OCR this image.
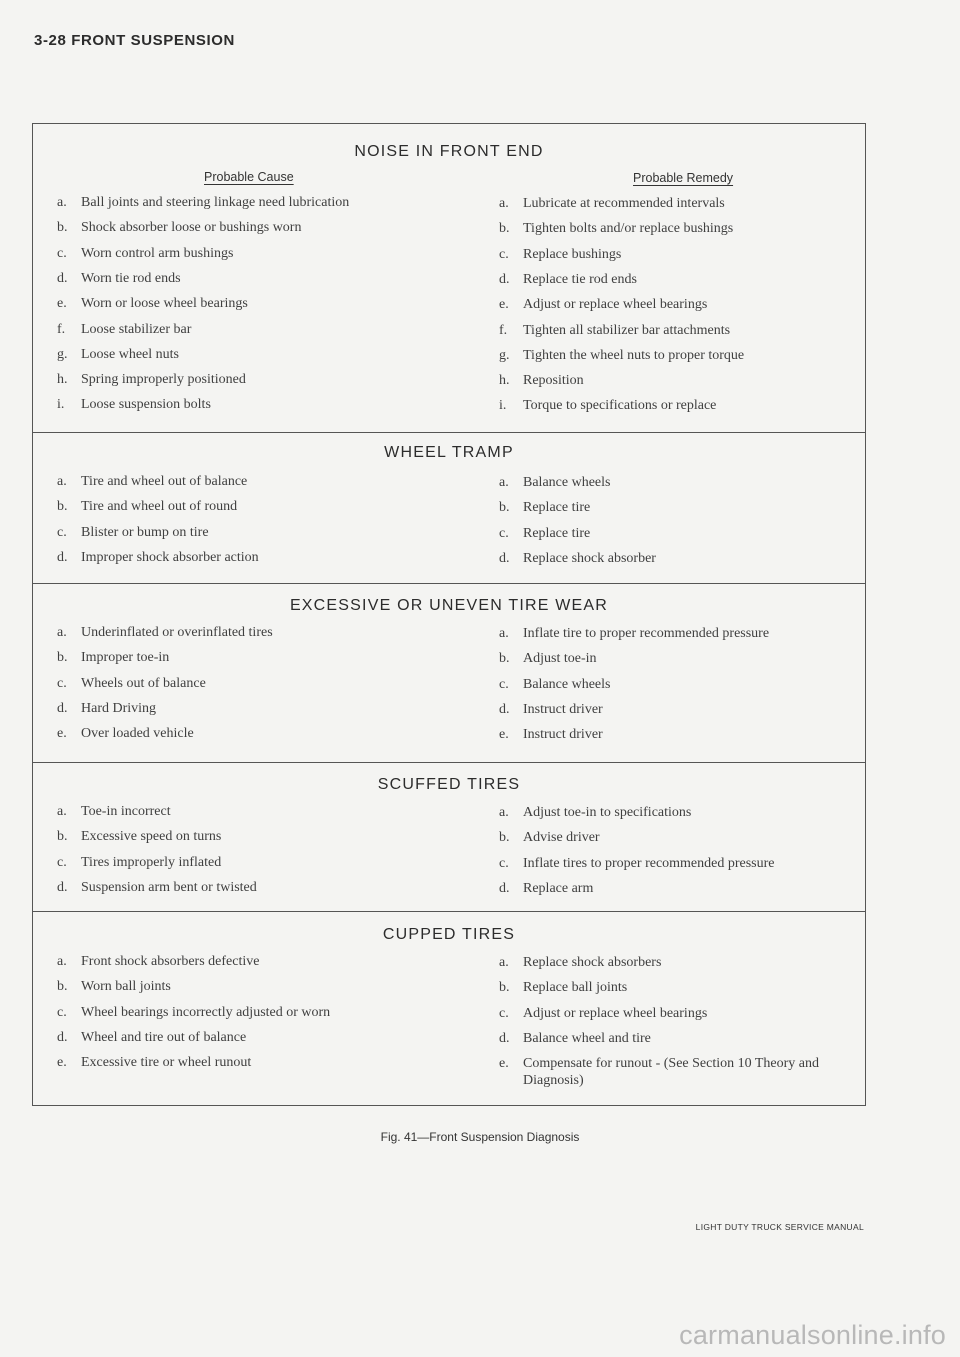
3-28 FRONT SUSPENSION
Probable Cause	Probable Remedy
NOISE IN FRONT END
a. Ball joints and steering linkage need lubrication
b. Shock absorber loose or bushings worn
c. Worn control arm bushings
d. Worn tie rod ends
e. Worn or loose wheel bearings
f. Loose stabilizer bar
g. Loose wheel nuts
h. Spring improperly positioned
i. Loose suspension bolts
a. Lubricate at recommended intervals
b. Tighten bolts and/or replace bushings
c. Replace bushings
d. Replace tie rod ends
e. Adjust or replace wheel bearings
f. Tighten all stabilizer bar attachments
g. Tighten the wheel nuts to proper torque
h. Reposition
i. Torque to specifications or replace
WHEEL TRAMP
a. Tire and wheel out of balance
b. Tire and wheel out of round
c. Blister or bump on tire
d. Improper shock absorber action
a. Balance wheels
b. Replace tire
c. Replace tire
d. Replace shock absorber
EXCESSIVE OR UNEVEN TIRE WEAR
a. Underinflated or overinflated tires
b. Improper toe-in
c. Wheels out of balance
d. Hard Driving
e. Over loaded vehicle
a. Inflate tire to proper recommended pressure
b. Adjust toe-in
c. Balance wheels
d. Instruct driver
e. Instruct driver
SCUFFED TIRES
a. Toe-in incorrect
b. Excessive speed on turns
c. Tires improperly inflated
d. Suspension arm bent or twisted
a. Adjust toe-in to specifications
b. Advise driver
c. Inflate tires to proper recommended pressure
d. Replace arm
CUPPED TIRES
a. Front shock absorbers defective
b. Worn ball joints
c. Wheel bearings incorrectly adjusted or worn
d. Wheel and tire out of balance
e. Excessive tire or wheel runout
a. Replace shock absorbers
b. Replace ball joints
c. Adjust or replace wheel bearings
d. Balance wheel and tire
e. Compensate for runout - (See Section 10 Theory and Diagnosis)
Fig. 41—Front Suspension Diagnosis
LIGHT DUTY TRUCK SERVICE MANUAL
carmanualsonline.info
